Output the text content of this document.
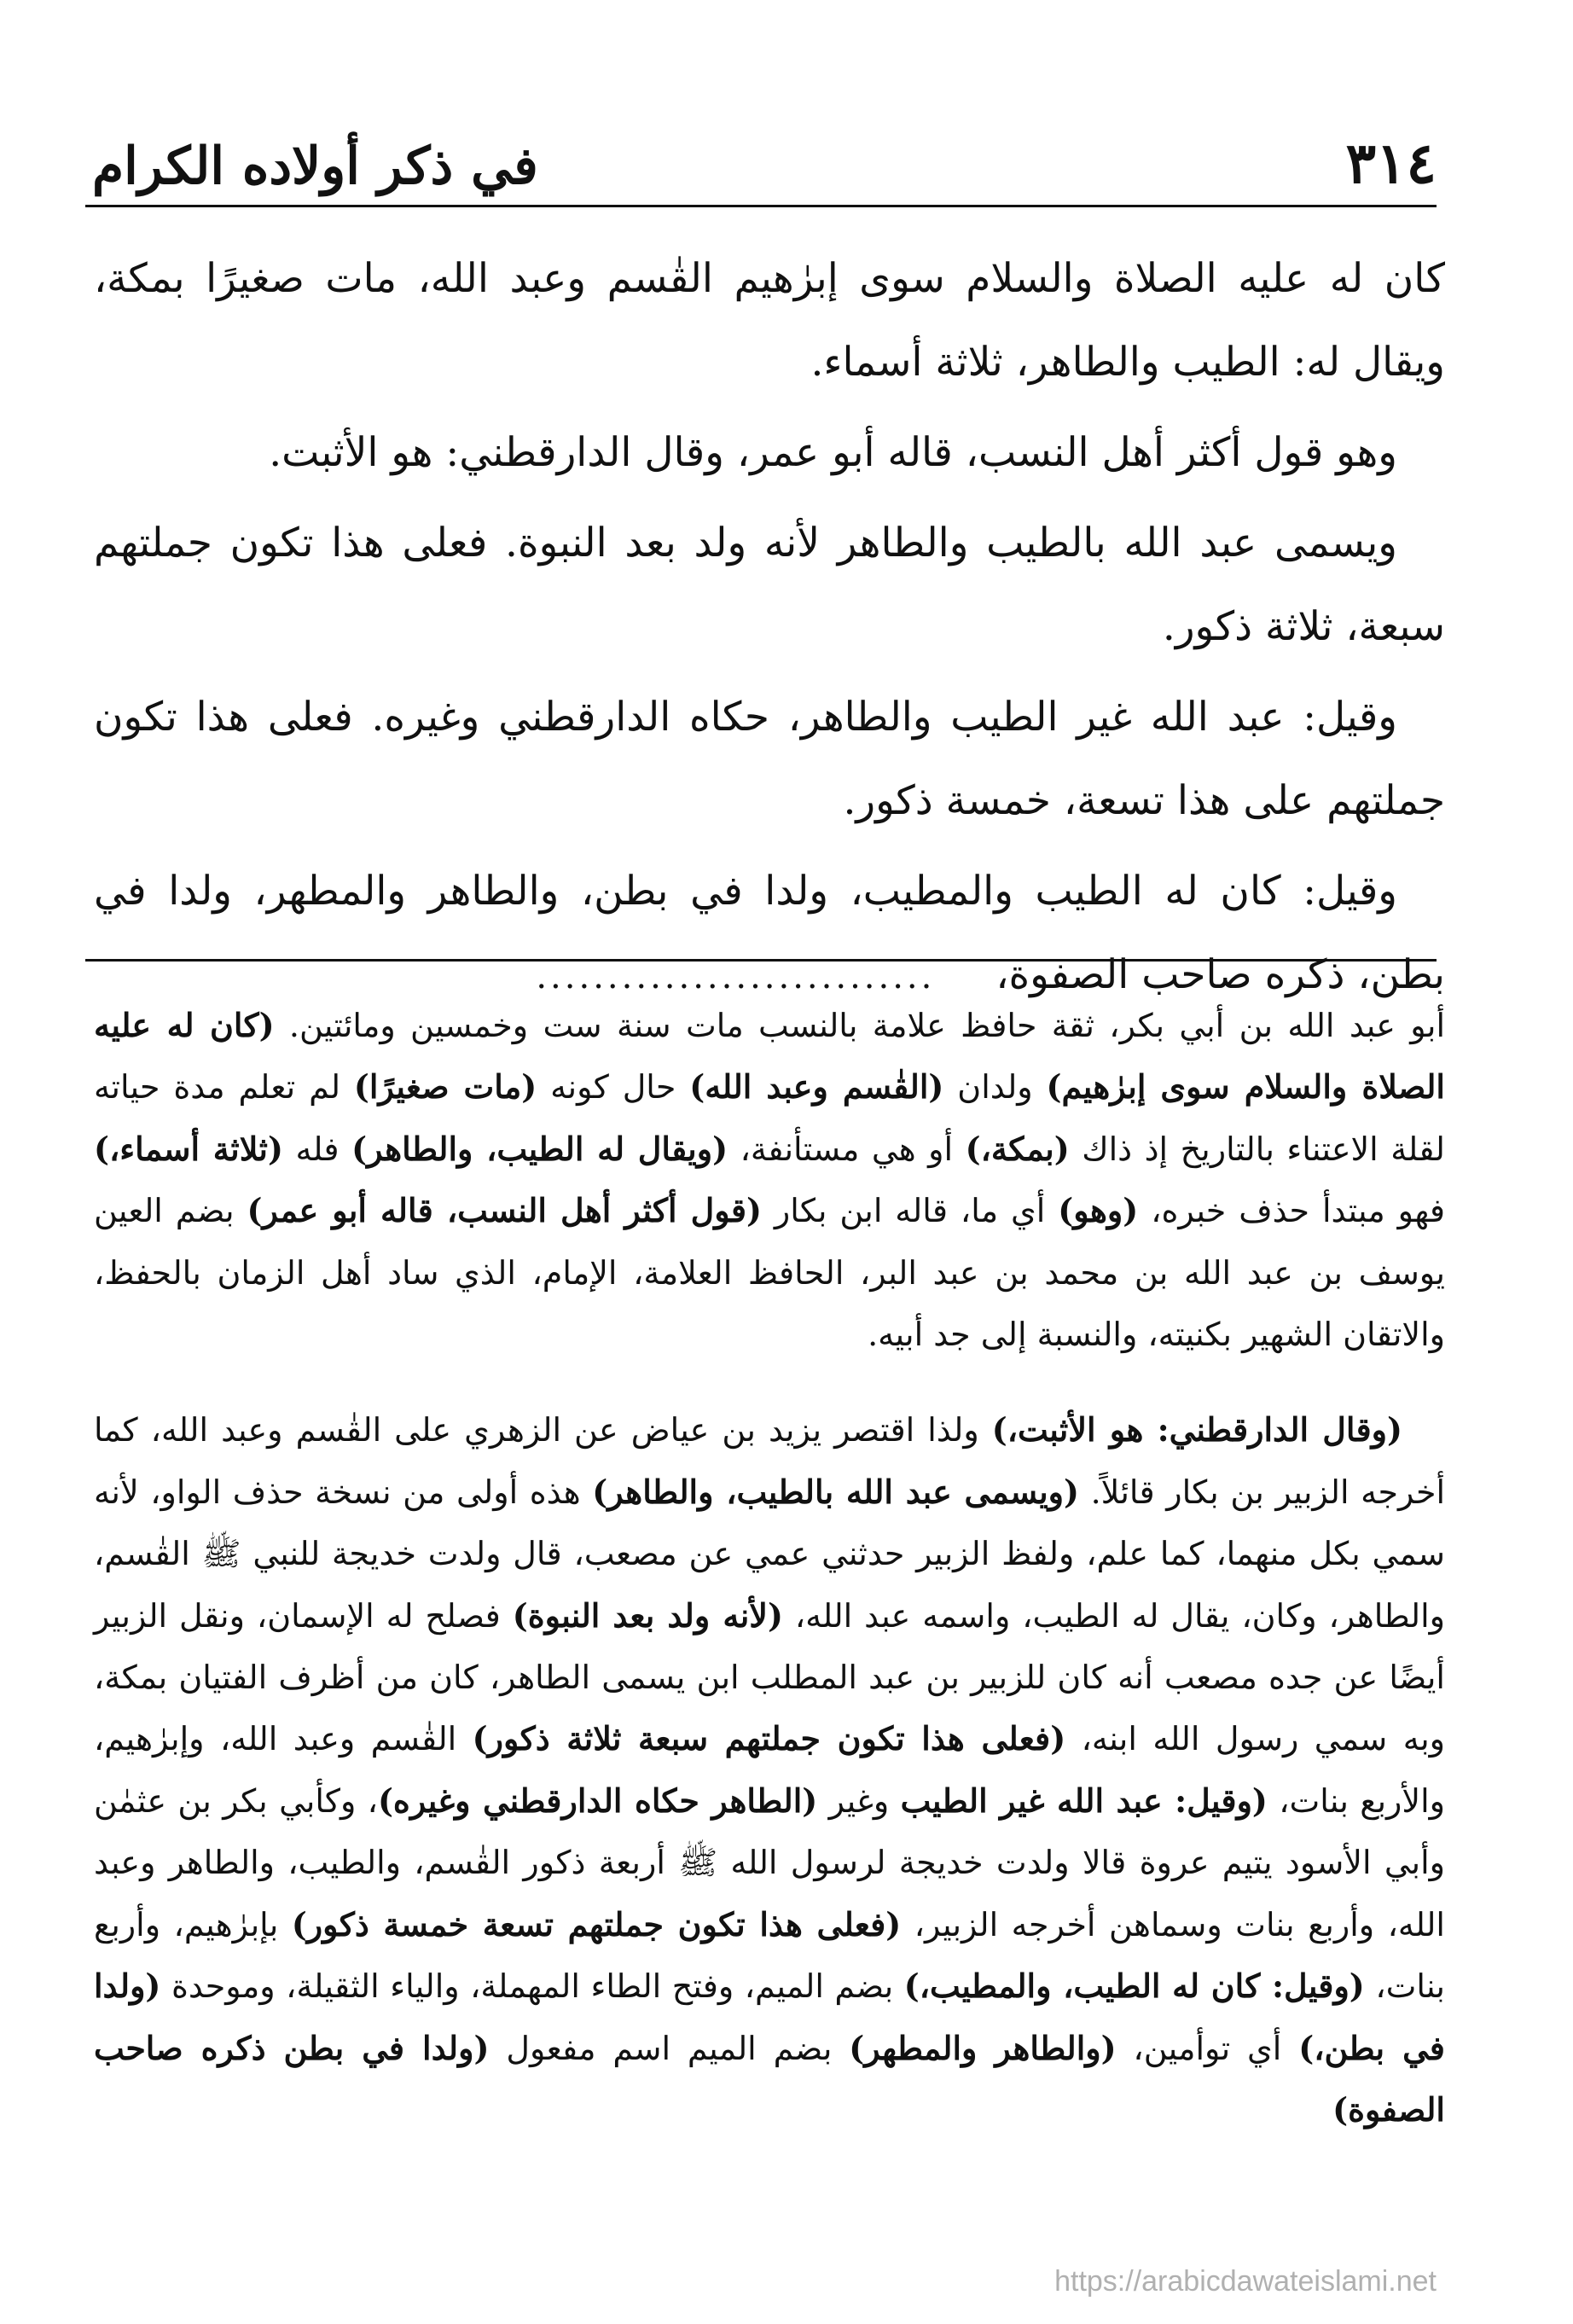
٣١٤
في ذكر أولاده الكرام

كان له عليه الصلاة والسلام سوى إبرٰهيم القٰسم وعبد الله، مات صغيرًا بمكة، ويقال له: الطيب والطاهر، ثلاثة أسماء.

وهو قول أكثر أهل النسب، قاله أبو عمر، وقال الدارقطني: هو الأثبت.

ويسمى عبد الله بالطيب والطاهر لأنه ولد بعد النبوة. فعلى هذا تكون جملتهم سبعة، ثلاثة ذكور.

وقيل: عبد الله غير الطيب والطاهر، حكاه الدارقطني وغيره. فعلى هذا تكون جملتهم على هذا تسعة، خمسة ذكور.

وقيل: كان له الطيب والمطيب، ولدا في بطن، والطاهر والمطهر، ولدا في بطن، ذكره صاحب الصفوة، ............................

أبو عبد الله بن أبي بكر، ثقة حافظ علامة بالنسب مات سنة ست وخمسين ومائتين. (كان له عليه الصلاة والسلام سوى إبرٰهيم) ولدان (القٰسم وعبد الله) حال كونه (مات صغيرًا) لم تعلم مدة حياته لقلة الاعتناء بالتاريخ إذ ذاك (بمكة،) أو هي مستأنفة، (ويقال له الطيب، والطاهر) فله (ثلاثة أسماء،) فهو مبتدأ حذف خبره، (وهو) أي ما، قاله ابن بكار (قول أكثر أهل النسب، قاله أبو عمر) بضم العين يوسف بن عبد الله بن محمد بن عبد البر، الحافظ العلامة، الإمام، الذي ساد أهل الزمان بالحفظ، والاتقان الشهير بكنيته، والنسبة إلى جد أبيه.

(وقال الدارقطني: هو الأثبت،) ولذا اقتصر يزيد بن عياض عن الزهري على القٰسم وعبد الله، كما أخرجه الزبير بن بكار قائلاً. (ويسمى عبد الله بالطيب، والطاهر) هذه أولى من نسخة حذف الواو، لأنه سمي بكل منهما، كما علم، ولفظ الزبير حدثني عمي عن مصعب، قال ولدت خديجة للنبي ﷺ القٰسم، والطاهر، وكان، يقال له الطيب، واسمه عبد الله، (لأنه ولد بعد النبوة) فصلح له الإسمان، ونقل الزبير أيضًا عن جده مصعب أنه كان للزبير بن عبد المطلب ابن يسمى الطاهر، كان من أظرف الفتيان بمكة، وبه سمي رسول الله ابنه، (فعلى هذا تكون جملتهم سبعة ثلاثة ذكور) القٰسم وعبد الله، وإبرٰهيم، والأربع بنات، (وقيل: عبد الله غير الطيب وغير (الطاهر حكاه الدارقطني وغيره)، وكأبي بكر بن عثمٰن وأبي الأسود يتيم عروة قالا ولدت خديجة لرسول الله ﷺ أربعة ذكور القٰسم، والطيب، والطاهر وعبد الله، وأربع بنات وسماهن أخرجه الزبير، (فعلى هذا تكون جملتهم تسعة خمسة ذكور) بإبرٰهيم، وأربع بنات، (وقيل: كان له الطيب، والمطيب،) بضم الميم، وفتح الطاء المهملة، والياء الثقيلة، وموحدة (ولدا في بطن،) أي توأمين، (والطاهر والمطهر) بضم الميم اسم مفعول (ولدا في بطن ذكره صاحب الصفوة)

https://arabicdawateislami.net
